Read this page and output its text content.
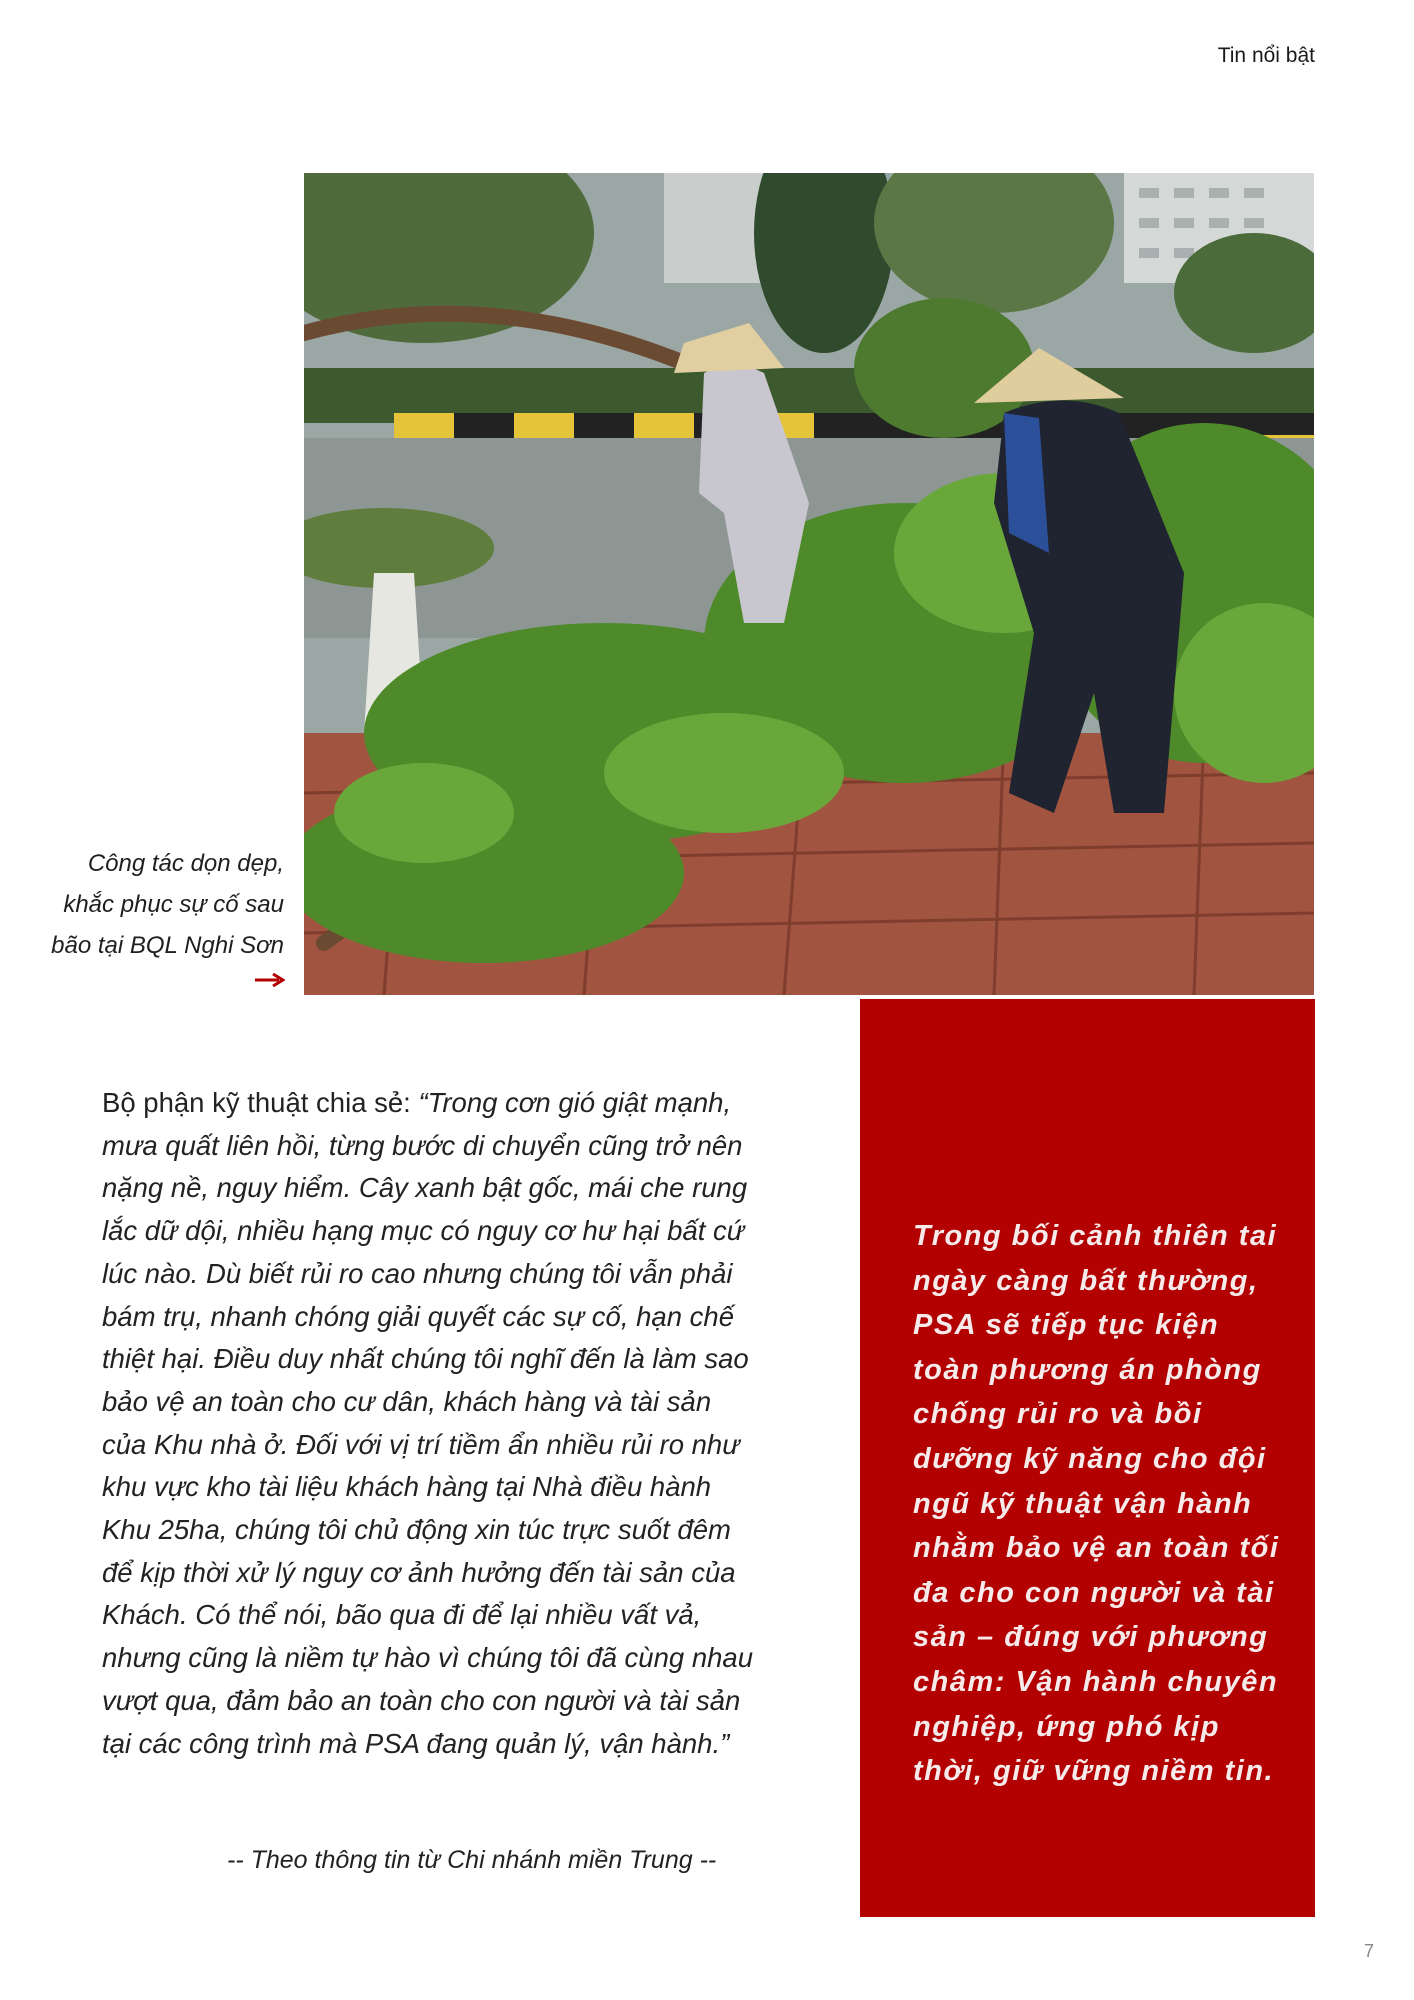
Tin nổi bật
Công tác dọn dẹp,
khắc phục sự cố sau
bão tại BQL Nghi Sơn
Bộ phận kỹ thuật chia sẻ: “Trong cơn gió giật mạnh, mưa quất liên hồi, từng bước di chuyển cũng trở nên nặng nề, nguy hiểm. Cây xanh bật gốc, mái che rung lắc dữ dội, nhiều hạng mục có nguy cơ hư hại bất cứ lúc nào. Dù biết rủi ro cao nhưng chúng tôi vẫn phải bám trụ, nhanh chóng giải quyết các sự cố, hạn chế thiệt hại. Điều duy nhất chúng tôi nghĩ đến là làm sao bảo vệ an toàn cho cư dân, khách hàng và tài sản của Khu nhà ở. Đối với vị trí tiềm ẩn nhiều rủi ro như khu vực kho tài liệu khách hàng tại Nhà điều hành Khu 25ha, chúng tôi chủ động xin túc trực suốt đêm để kịp thời xử lý nguy cơ ảnh hưởng đến tài sản của Khách. Có thể nói, bão qua đi để lại nhiều vất vả, nhưng cũng là niềm tự hào vì chúng tôi đã cùng nhau vượt qua, đảm bảo an toàn cho con người và tài sản tại các công trình mà PSA đang quản lý, vận hành.”
-- Theo thông tin từ Chi nhánh miền Trung --
Trong bối cảnh thiên tai ngày càng bất thường, PSA sẽ tiếp tục kiện toàn phương án phòng chống rủi ro và bồi dưỡng kỹ năng cho đội ngũ kỹ thuật vận hành nhằm bảo vệ an toàn tối đa cho con người và tài sản – đúng với phương châm: Vận hành chuyên nghiệp, ứng phó kịp thời, giữ vững niềm tin.
7
